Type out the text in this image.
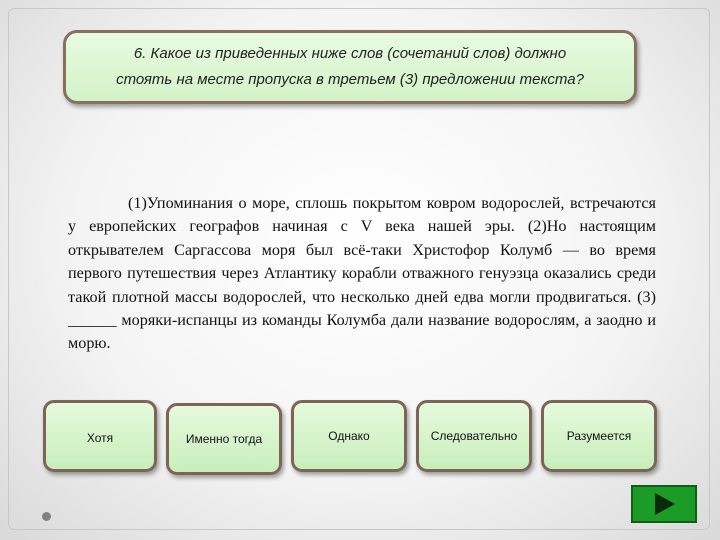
6. Какое из приведенных ниже слов (сочетаний слов) должно
стоять на месте пропуска в третьем (3) предложении текста?
(1)Упоминания о море, сплошь покрытом ковром водорослей, встречаются у европейских географов начиная с V века нашей эры. (2)Но настоящим открывателем Саргассова моря был всё-таки Христофор Колумб — во время первого путешествия через Атлантику корабли отважного генуэзца оказались среди такой плотной массы водорослей, что несколько дней едва могли продвигаться. (3) ______ моряки-испанцы из команды Колумба дали название водорослям, а заодно и морю.
Хотя	Именно тогда	Однако	Следовательно	Разумеется
